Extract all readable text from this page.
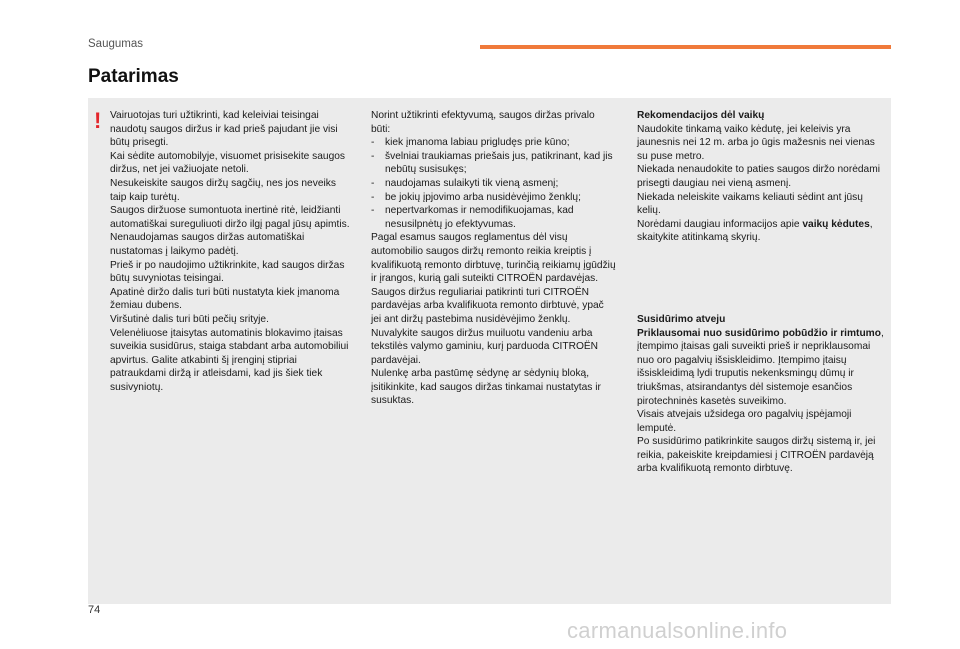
Saugumas
Patarimas
! Vairuotojas turi užtikrinti, kad keleiviai teisingai naudotų saugos diržus ir kad prieš pajudant jie visi būtų prisegti.

Kai sėdite automobilyje, visuomet prisisekite saugos diržus, net jei važiuojate netoli.

Nesukeiskite saugos diržų sagčių, nes jos neveiks taip kaip turėtų.

Saugos diržuose sumontuota inertinė ritė, leidžianti automatiškai sureguliuoti diržo ilgį pagal jūsų apimtis. Nenaudojamas saugos diržas automatiškai nustatomas į laikymo padėtį.

Prieš ir po naudojimo užtikrinkite, kad saugos diržas būtų suvyniotas teisingai.

Apatinė diržo dalis turi būti nustatyta kiek įmanoma žemiau dubens.

Viršutinė dalis turi būti pečių srityje.

Velenėliuose įtaisytas automatinis blokavimo įtaisas suveikia susidūrus, staiga stabdant arba automobiliui apvirtus. Galite atkabinti šį įrenginį stipriai patraukdami diržą ir atleisdami, kad jis šiek tiek susivyniotų.

Norint užtikrinti efektyvumą, saugos diržas privalo būti:

-	kiek įmanoma labiau prigludęs prie kūno;
-	švelniai traukiamas priešais jus, patikrinant, kad jis nebūtų susisukęs;
-	naudojamas sulaikyti tik vieną asmenį;
-	be jokių įpjovimo arba nusidėvėjimo ženklų;
-	nepertvarkomas ir nemodifikuojamas, kad nesusilpnėtų jo efektyvumas.

Pagal esamus saugos reglamentus dėl visų automobilio saugos diržų remonto reikia kreiptis į kvalifikuotą remonto dirbtuvę, turinčią reikiamų įgūdžių ir įrangos, kurią gali suteikti CITROËN pardavėjas.

Saugos diržus reguliariai patikrinti turi CITROËN pardavėjas arba kvalifikuota remonto dirbtuvė, ypač jei ant diržų pastebima nusidėvėjimo ženklų.

Nuvalykite saugos diržus muiluotu vandeniu arba tekstilės valymo gaminiu, kurį parduoda CITROËN pardavėjai.

Nulenkę arba pastūmę sėdynę ar sėdynių bloką, įsitikinkite, kad saugos diržas tinkamai nustatytas ir susuktas.

Rekomendacijos dėl vaikų

Naudokite tinkamą vaiko kėdutę, jei keleivis yra jaunesnis nei 12 m. arba jo ūgis mažesnis nei vienas su puse metro.

Niekada nenaudokite to paties saugos diržo norėdami prisegti daugiau nei vieną asmenį.

Niekada neleiskite vaikams keliauti sėdint ant jūsų kelių.

Norėdami daugiau informacijos apie vaikų kėdutes, skaitykite atitinkamą skyrių.

Susidūrimo atveju

Priklausomai nuo susidūrimo pobūdžio ir rimtumo, įtempimo įtaisas gali suveikti prieš ir nepriklausomai nuo oro pagalvių išsiskleidimo. Įtempimo įtaisų išsiskleidimą lydi truputis nekenksmingų dūmų ir triukšmas, atsirandantys dėl sistemoje esančios pirotechninės kasetės suveikimo.

Visais atvejais užsidega oro pagalvių įspėjamoji lemputė.

Po susidūrimo patikrinkite saugos diržų sistemą ir, jei reikia, pakeiskite kreipdamiesi į CITROËN pardavėją arba kvalifikuotą remonto dirbtuvę.

74
carmanualsonline.info
